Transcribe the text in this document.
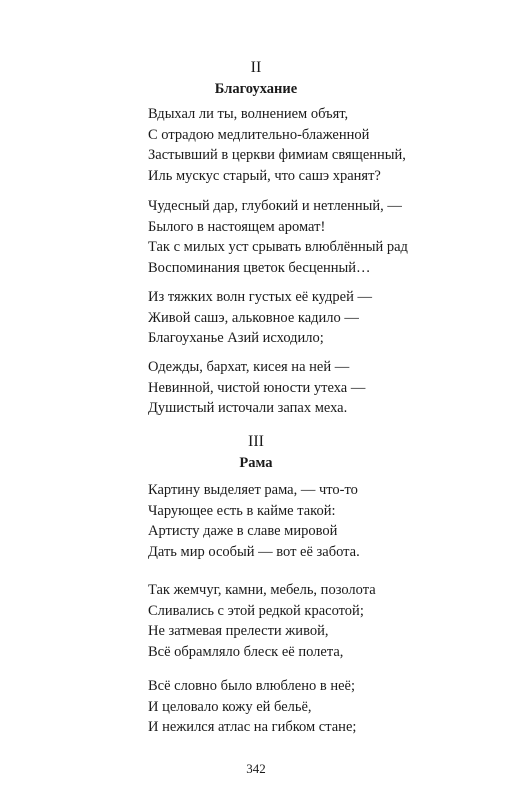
II
Благоухание
Вдыхал ли ты, волнением объят,
С отрадою медлительно-блаженной
Застывший в церкви фимиам священный,
Иль мускус старый, что сашэ хранят?
Чудесный дар, глубокий и нетленный, —
Былого в настоящем аромат!
Так с милых уст срывать влюблённый рад
Воспоминания цветок бесценный…
Из тяжких волн густых её кудрей —
Живой сашэ, альковное кадило —
Благоуханье Азий исходило;
Одежды, бархат, кисея на ней —
Невинной, чистой юности утеха —
Душистый источали запах меха.
III
Рама
Картину выделяет рама, — что-то
Чарующее есть в кайме такой:
Артисту даже в славе мировой
Дать мир особый — вот её забота.
Так жемчуг, камни, мебель, позолота
Сливались с этой редкой красотой;
Не затмевая прелести живой,
Всё обрамляло блеск её полета,
Всё словно было влюблено в неё;
И целовало кожу ей бельё,
И нежился атлас на гибком стане;
342
